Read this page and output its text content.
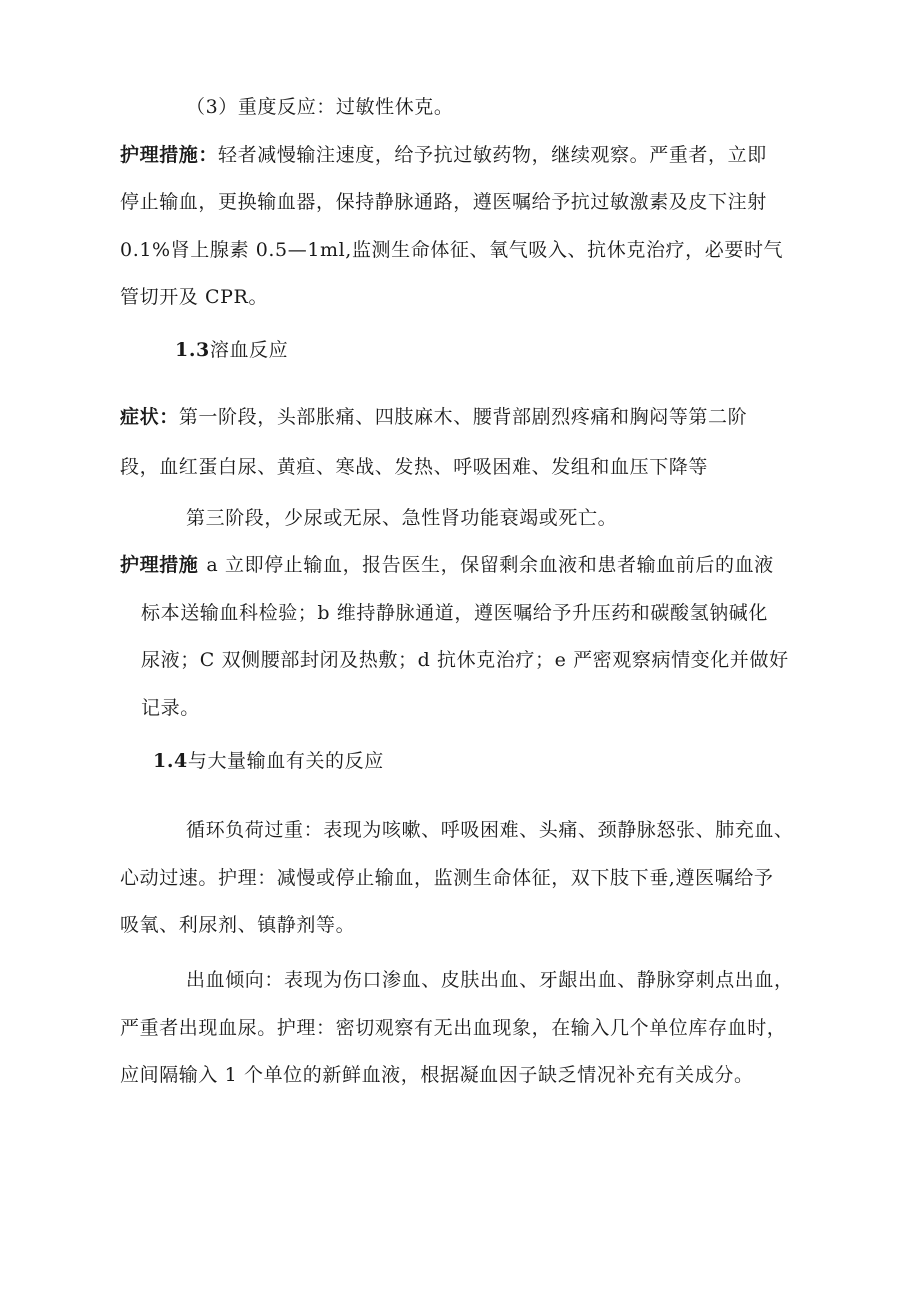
（3）重度反应：过敏性休克。
护理措施：轻者减慢输注速度，给予抗过敏药物，继续观察。严重者，立即
停止输血，更换输血器，保持静脉通路，遵医嘱给予抗过敏激素及皮下注射
0.1%肾上腺素 0.5—1ml,监测生命体征、氧气吸入、抗休克治疗，必要时气
管切开及 CPR。
1.3溶血反应
症状：第一阶段，头部胀痛、四肢麻木、腰背部剧烈疼痛和胸闷等第二阶
段，血红蛋白尿、黄疸、寒战、发热、呼吸困难、发组和血压下降等
第三阶段，少尿或无尿、急性肾功能衰竭或死亡。
护理措施 a 立即停止输血，报告医生，保留剩余血液和患者输血前后的血液
标本送输血科检验；b 维持静脉通道，遵医嘱给予升压药和碳酸氢钠碱化
尿液；C 双侧腰部封闭及热敷；d 抗休克治疗；e 严密观察病情变化并做好
记录。
1.4与大量输血有关的反应
循环负荷过重：表现为咳嗽、呼吸困难、头痛、颈静脉怒张、肺充血、
心动过速。护理：减慢或停止输血，监测生命体征，双下肢下垂,遵医嘱给予
吸氧、利尿剂、镇静剂等。
出血倾向：表现为伤口渗血、皮肤出血、牙龈出血、静脉穿刺点出血，
严重者出现血尿。护理：密切观察有无出血现象，在输入几个单位库存血时，
应间隔输入 1 个单位的新鲜血液，根据凝血因子缺乏情况补充有关成分。
